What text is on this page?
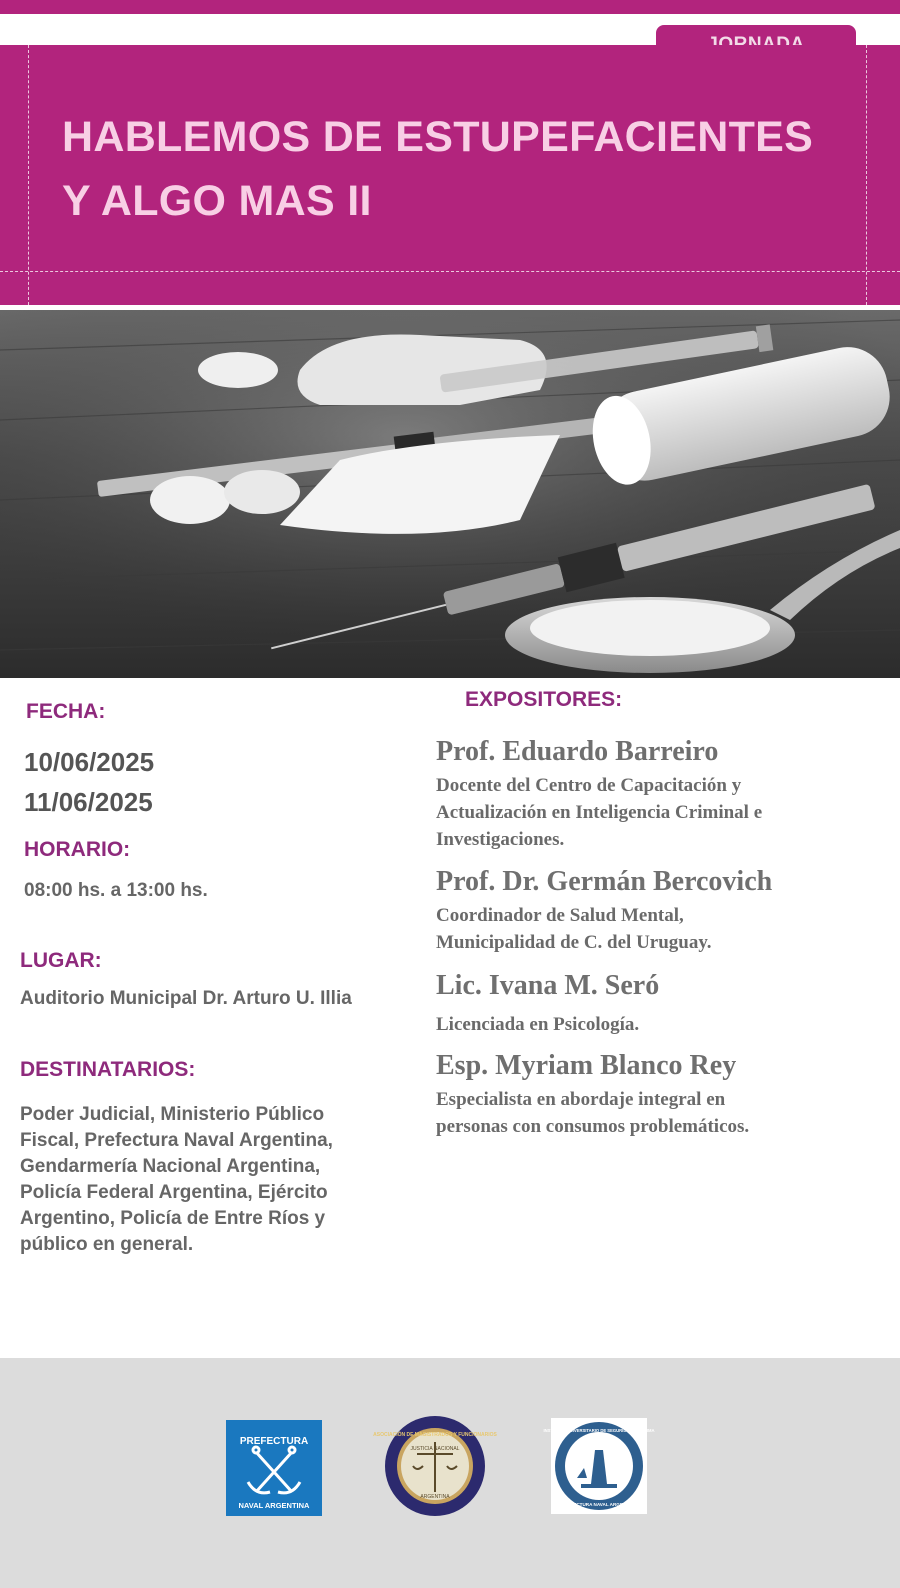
HABLEMOS DE ESTUPEFACIENTES
Y ALGO MAS II
FECHA:
10/06/2025
11/06/2025
HORARIO:
08:00 hs. a 13:00 hs.
LUGAR:
Auditorio Municipal Dr. Arturo U. Illia
DESTINATARIOS:
Poder Judicial, Ministerio Público
Fiscal, Prefectura Naval Argentina,
Gendarmería Nacional Argentina,
Policía Federal Argentina, Ejército
Argentino, Policía de Entre Ríos y
público en general.
EXPOSITORES:
Prof. Eduardo Barreiro
Docente del Centro de Capacitación y
Actualización en Inteligencia Criminal e
Investigaciones.
Prof. Dr. Germán Bercovich
Coordinador de Salud Mental,
Municipalidad de C. del Uruguay.
Lic. Ivana M. Seró
Licenciada en Psicología.
Esp. Myriam Blanco Rey
Especialista en abordaje integral en
personas con consumos problemáticos.
PREFECTURA
NAVAL ARGENTINA
ASOCIACIÓN DE MAGISTRADOS Y FUNCIONARIOS
JUSTICIA NACIONAL
ARGENTINA
INSTITUTO UNIVERSITARIO DE SEGURIDAD MARÍTIMA
PREFECTURA NAVAL ARGENTINA
